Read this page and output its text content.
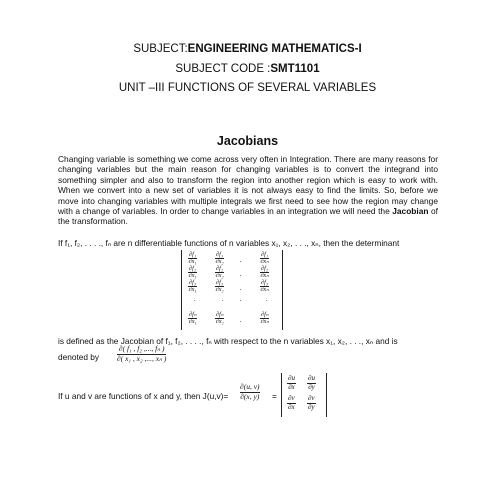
SUBJECT:ENGINEERING MATHEMATICS-I
SUBJECT CODE :SMT1101
UNIT –III FUNCTIONS OF SEVERAL VARIABLES
Jacobians
Changing variable is something we come across very often in Integration. There are many reasons for changing variables but the main reason for changing variables is to convert the integrand into something simpler and also to transform the region into another region which is easy to work with. When we convert into a new set of variables it is not always easy to find the limits. So, before we move into changing variables with multiple integrals we first need to see how the region may change with a change of variables. In order to change variables in an integration we will need the Jacobian of the transformation.
If f₁, f₂, . . . ., fₙ are n differentiable functions of n variables x₁, x₂, . . ., xₙ, then the determinant
$\frac{\text{∂f₁}}{\text{∂x₁}}$	$\frac{\text{∂f₁}}{\text{∂x₂}}$ .	$\frac{\text{∂f₁}}{\text{∂xₙ}}$
$\frac{\text{∂f₂}}{\text{∂x₁}}$	$\frac{\text{∂f₂}}{\text{∂x₂}}$ .	$\frac{\text{∂f₂}}{\text{∂xₙ}}$
$\frac{\text{∂f₃}}{\text{∂x₁}}$	$\frac{\text{∂f₃}}{\text{∂x₂}}$ .	$\frac{\text{∂f₃}}{\text{∂xₙ}}$
.	. .	.
$\frac{\text{∂fₙ}}{\text{∂x₁}}$	$\frac{\text{∂fₙ}}{\text{∂x₂}}$ .	$\frac{\text{∂fₙ}}{\text{∂xₙ}}$
is defined as the Jacobian of f₁, f₂, . . . ., fₙ with respect to the n variables x₁, x₂, . . ., xₙ and is
denoted by $\frac{\text{∂( f₁ , f₂ ,..., fₙ )}}{\text{∂( x₁ , x₂ ,..., xₙ )}}$
If u and v are functions of x and y, then $J(u,v)= \frac{\partial(u, v)}{\partial(x, y)}$ =
$\frac{\partial u}{\partial x} \frac{\partial u}{\partial y}$
$\frac{\partial v}{\partial x} \frac{\partial v}{\partial y}$
